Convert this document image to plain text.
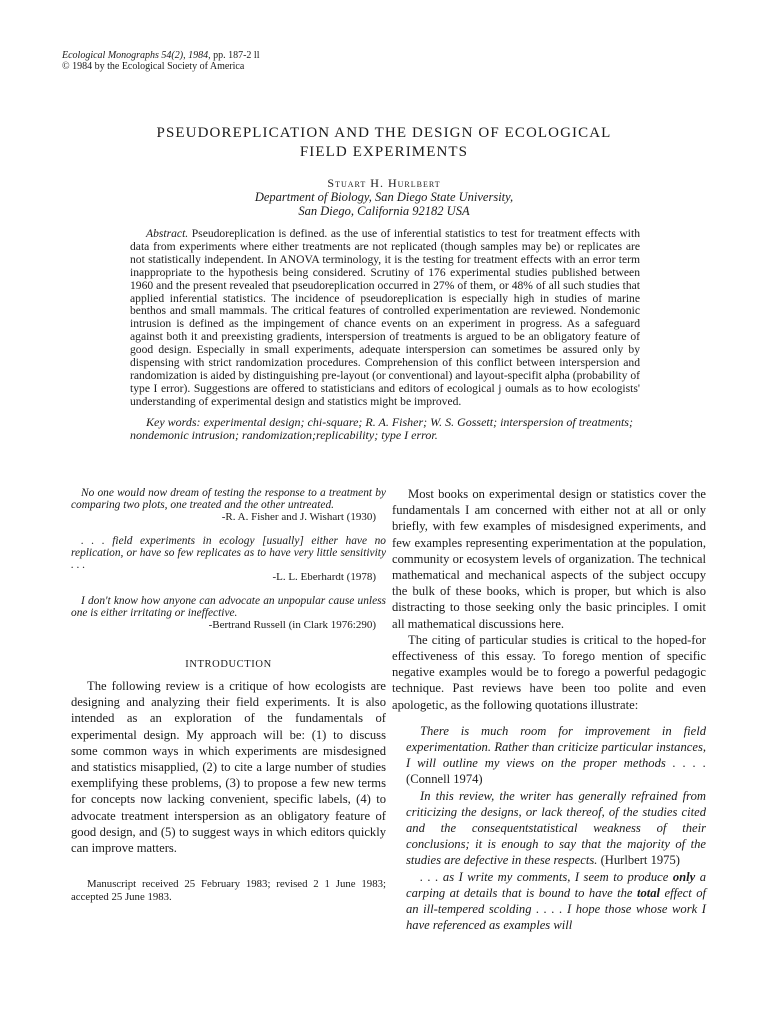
Ecological Monographs 54(2), 1984, pp. 187-2 ll
© 1984 by the Ecological Society of America
PSEUDOREPLICATION AND THE DESIGN OF ECOLOGICAL
FIELD EXPERIMENTS
Stuart H. Hurlbert
Department of Biology, San Diego State University,
San Diego, California 92182 USA
Abstract. Pseudoreplication is defined. as the use of inferential statistics to test for treatment effects with data from experiments where either treatments are not replicated (though samples may be) or replicates are not statistically independent. In ANOVA terminology, it is the testing for treatment effects with an error term inappropriate to the hypothesis being considered. Scrutiny of 176 experimental studies published between 1960 and the present revealed that pseudoreplication occurred in 27% of them, or 48% of all such studies that applied inferential statistics. The incidence of pseudoreplication is especially high in studies of marine benthos and small mammals. The critical features of controlled experimentation are reviewed. Nondemonic intrusion is defined as the impingement of chance events on an experiment in progress. As a safeguard against both it and preexisting gradients, interspersion of treatments is argued to be an obligatory feature of good design. Especially in small experiments, adequate interspersion can sometimes be assured only by dispensing with strict randomization procedures. Comprehension of this conflict between interspersion and randomization is aided by distinguishing pre-layout (or conventional) and layout-specifit alpha (probability of type I error). Suggestions are offered to statisticians and editors of ecological j oumals as to how ecologists' understanding of experimental design and statistics might be improved.
Key words: experimental design; chi-square; R. A. Fisher; W. S. Gossett; interspersion of treatments; nondemonic intrusion; randomization;replicability; type I error.
No one would now dream of testing the response to a treatment by comparing two plots, one treated and the other untreated.
-R. A. Fisher and J. Wishart (1930)
. . . field experiments in ecology [usually] either have no replication, or have so few replicates as to have very little sensitivity . . .
-L. L. Eberhardt (1978)
I don't know how anyone can advocate an unpopular cause unless one is either irritating or ineffective.
-Bertrand Russell (in Clark 1976:290)
INTRODUCTION

The following review is a critique of how ecologists are designing and analyzing their field experiments. It is also intended as an exploration of the fundamentals of experimental design. My approach will be: (1) to discuss some common ways in which experiments are misdesigned and statistics misapplied, (2) to cite a large number of studies exemplifying these problems, (3) to propose a few new terms for concepts now lacking convenient, specific labels, (4) to advocate treatment interspersion as an obligatory feature of good design, and (5) to suggest ways in which editors quickly can improve matters.

Manuscript received 25 February 1983; revised 2 1 June 1983; accepted 25 June 1983.

Most books on experimental design or statistics cover the fundamentals I am concerned with either not at all or only briefly, with few examples of misdesigned experiments, and few examples representing experimentation at the population, community or ecosystem levels of organization. The technical mathematical and mechanical aspects of the subject occupy the bulk of these books, which is proper, but which is also distracting to those seeking only the basic principles. I omit all mathematical discussions here.

The citing of particular studies is critical to the hoped-for effectiveness of this essay. To forego mention of specific negative examples would be to forego a powerful pedagogic technique. Past reviews have been too polite and even apologetic, as the following quotations illustrate:

There is much room for improvement in field experimentation. Rather than criticize particular instances, I will outline my views on the proper methods . . . . (Connell 1974)

In this review, the writer has generally refrained from criticizing the designs, or lack thereof, of the studies cited and the consequentstatistical weakness of their conclusions; it is enough to say that the majority of the studies are defective in these respects. (Hurlbert 1975)

. . . as I write my comments, I seem to produce only a carping at details that is bound to have the total effect of an ill-tempered scolding . . . . I hope those whose work I have referenced as examples will
